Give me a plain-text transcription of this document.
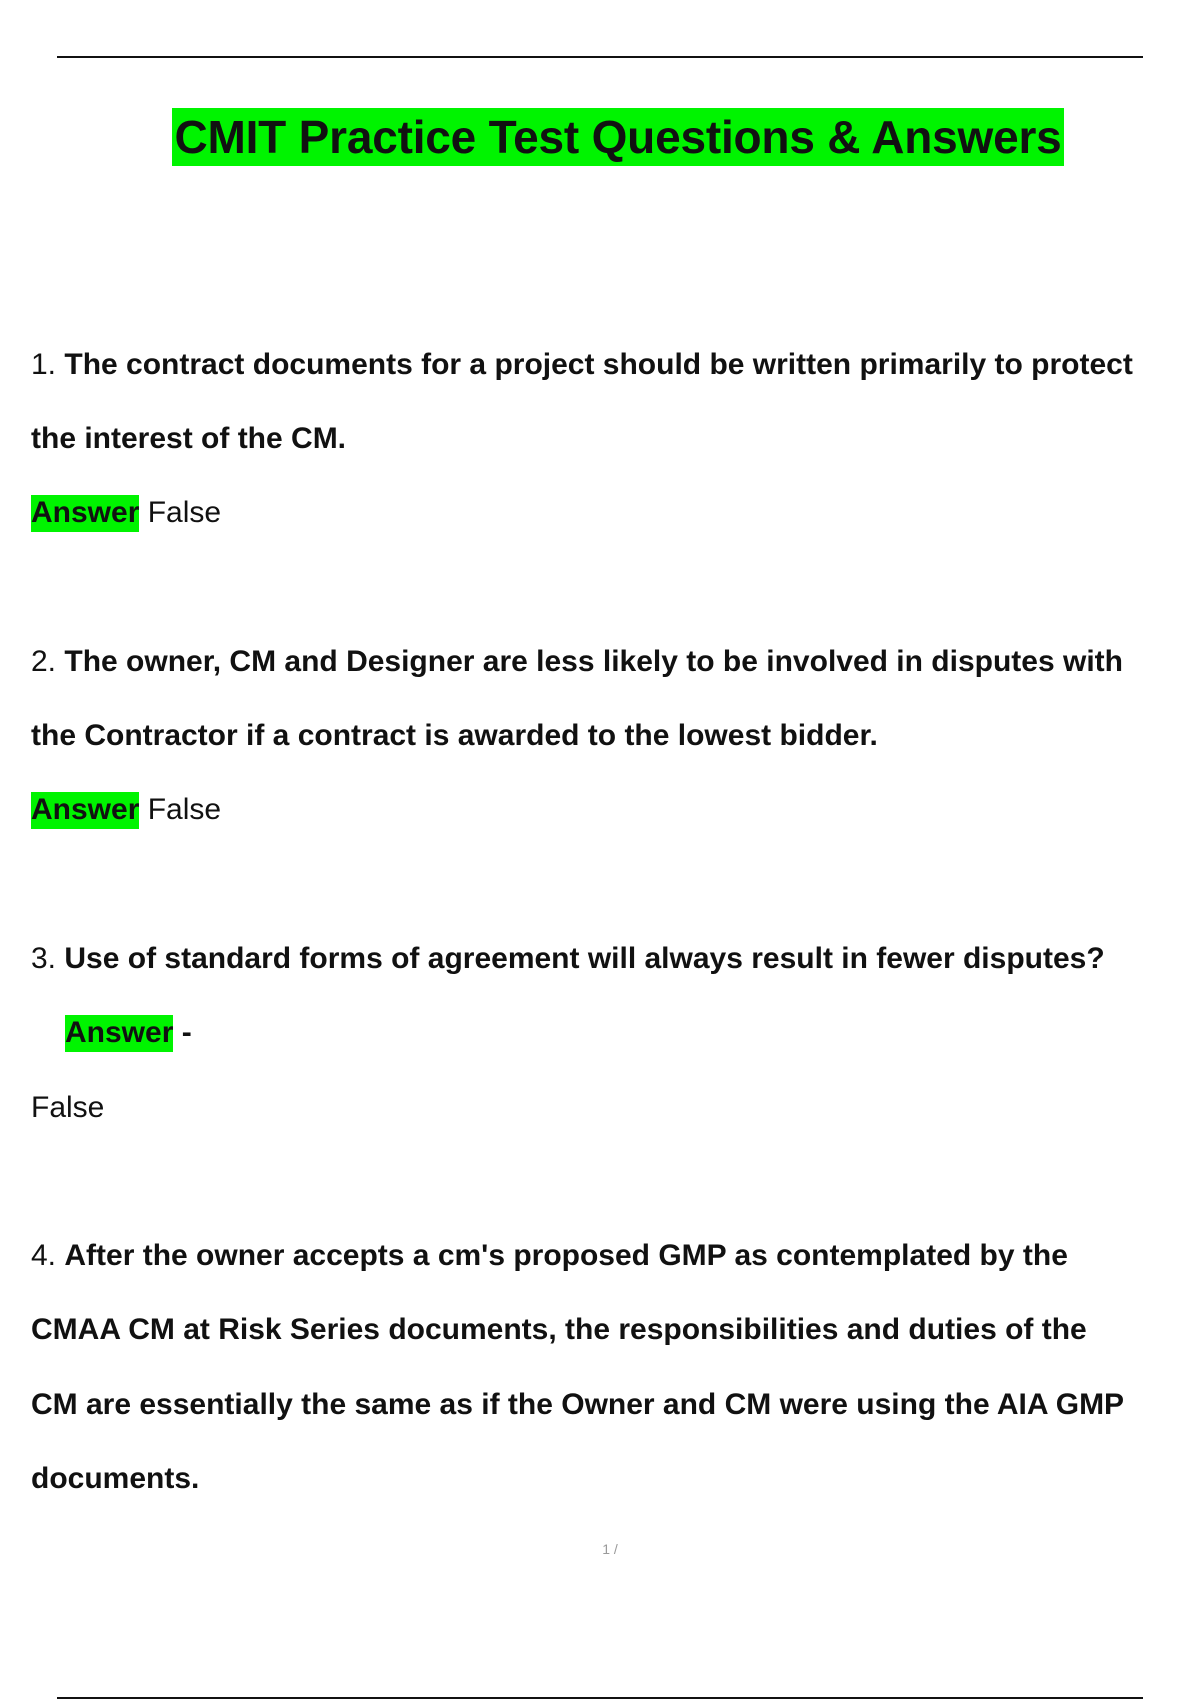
CMIT Practice Test Questions & Answers
1. The contract documents for a project should be written primarily to protect
the interest of the CM.
Answer False
2. The owner, CM and Designer are less likely to be involved in disputes with
the Contractor if a contract is awarded to the lowest bidder.
Answer False
3. Use of standard forms of agreement will always result in fewer disputes?
Answer -
False
4. After the owner accepts a cm's proposed GMP as contemplated by the
CMAA CM at Risk Series documents, the responsibilities and duties of the
CM are essentially the same as if the Owner and CM were using the AIA GMP
documents.
1 /
